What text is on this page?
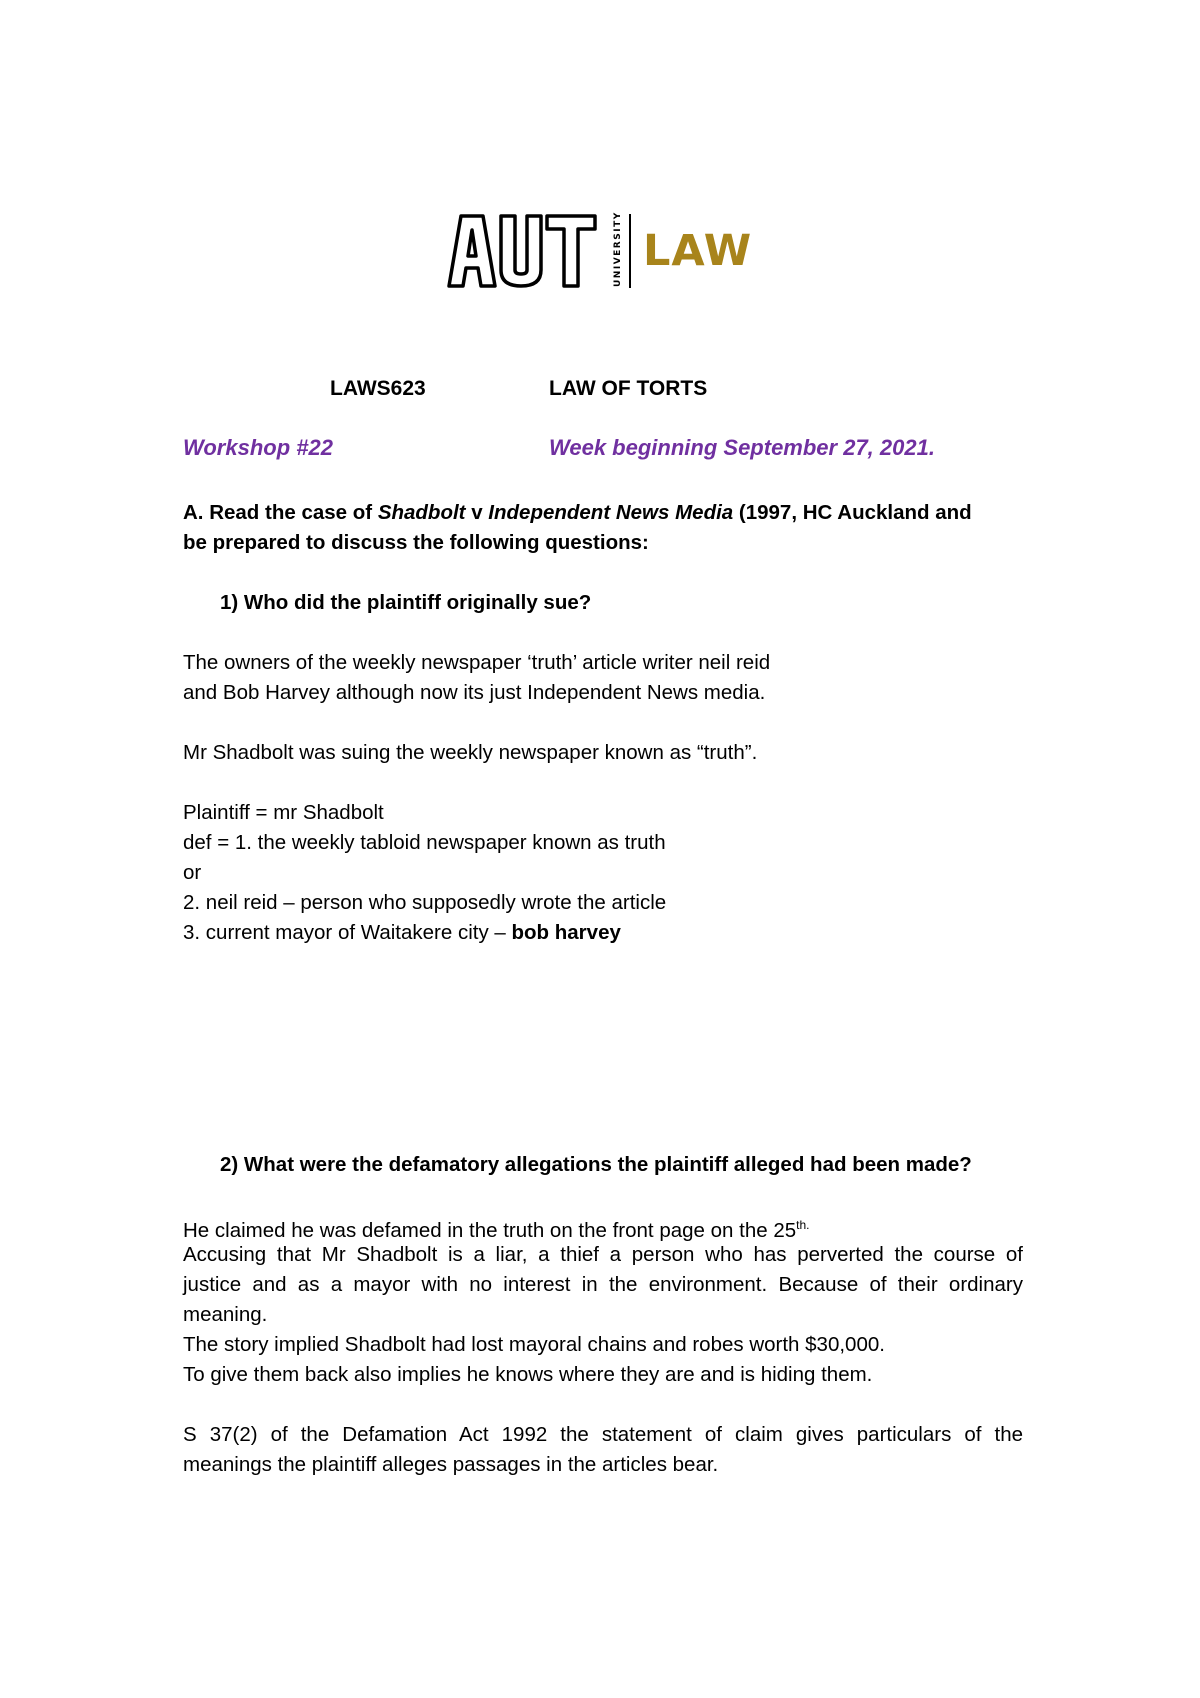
UNIVERSITY LAW
LAWS623	LAW OF TORTS
Workshop #22	Week beginning September 27, 2021.
A. Read the case of Shadbolt v Independent News Media (1997, HC Auckland and
be prepared to discuss the following questions:
1) Who did the plaintiff originally sue?
The owners of the weekly newspaper ‘truth’ article writer neil reid
and Bob Harvey although now its just Independent News media.
Mr Shadbolt was suing the weekly newspaper known as “truth”.
Plaintiff = mr Shadbolt
def = 1. the weekly tabloid newspaper known as truth
or
2. neil reid – person who supposedly wrote the article
3. current mayor of Waitakere city – bob harvey
2) What were the defamatory allegations the plaintiff alleged had been made?
He claimed he was defamed in the truth on the front page on the $25^{th.}$
Accusing that Mr Shadbolt is a liar, a thief a person who has perverted the course of
justice and as a mayor with no interest in the environment. Because of their ordinary
meaning.
The story implied Shadbolt had lost mayoral chains and robes worth $30,000.
To give them back also implies he knows where they are and is hiding them.
S 37(2) of the Defamation Act 1992 the statement of claim gives particulars of the
meanings the plaintiff alleges passages in the articles bear.
